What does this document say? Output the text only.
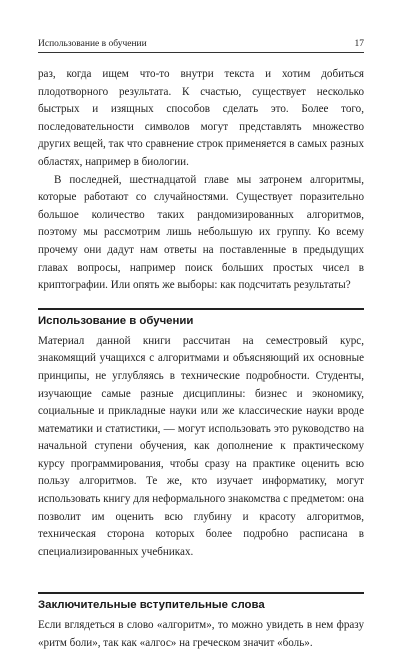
Использование в обучении	17

раз, когда ищем что-то внутри текста и хотим добиться плодотворного результата. К счастью, существует несколько быстрых и изящных способов сделать это. Более того, последовательности символов могут представлять множество других вещей, так что сравнение строк применяется в самых разных областях, например в биологии.

В последней, шестнадцатой главе мы затронем алгоритмы, которые работают со случайностями. Существует поразительно большое количество таких рандомизированных алгоритмов, поэтому мы рассмотрим лишь небольшую их группу. Ко всему прочему они дадут нам ответы на поставленные в предыдущих главах вопросы, например поиск больших простых чисел в криптографии. Или опять же выборы: как подсчитать результаты?

Использование в обучении

Материал данной книги рассчитан на семестровый курс, знакомящий учащихся с алгоритмами и объясняющий их основные принципы, не углубляясь в технические подробности. Студенты, изучающие самые разные дисциплины: бизнес и экономику, социальные и прикладные науки или же классические науки вроде математики и статистики, — могут использовать это руководство на начальной ступени обучения, как дополнение к практическому курсу программирования, чтобы сразу на практике оценить всю пользу алгоритмов. Те же, кто изучает информатику, могут использовать книгу для неформального знакомства с предметом: она позволит им оценить всю глубину и красоту алгоритмов, техническая сторона которых более подробно расписана в специализированных учебниках.

Заключительные вступительные слова

Если вглядеться в слово «алгоритм», то можно увидеть в нем фразу «ритм боли», так как «алгос» на греческом значит «боль».
